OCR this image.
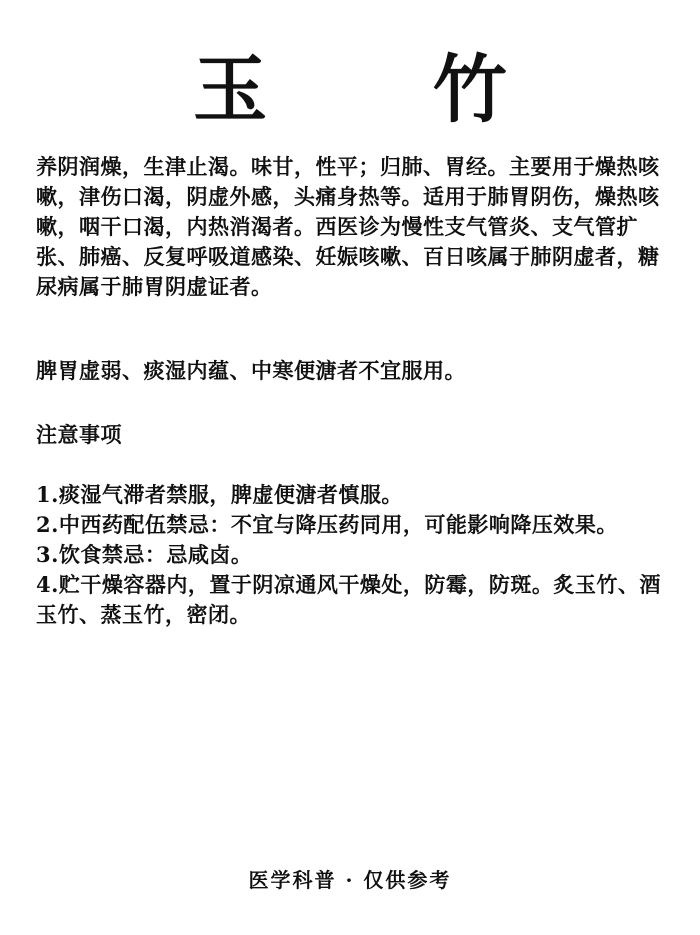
玉 竹

养阴润燥，生津止渴。味甘，性平；归肺、胃经。主要用于燥热咳嗽，津伤口渴，阴虚外感，头痛身热等。适用于肺胃阴伤，燥热咳嗽，咽干口渴，内热消渴者。西医诊为慢性支气管炎、支气管扩张、肺癌、反复呼吸道感染、妊娠咳嗽、百日咳属于肺阴虚者，糖尿病属于肺胃阴虚证者。

脾胃虚弱、痰湿内蕴、中寒便溏者不宜服用。

注意事项

1.痰湿气滞者禁服，脾虚便溏者慎服。
2.中西药配伍禁忌：不宜与降压药同用，可能影响降压效果。
3.饮食禁忌：忌咸卤。
4.贮干燥容器内，置于阴凉通风干燥处，防霉，防斑。炙玉竹、酒玉竹、蒸玉竹，密闭。

医学科普 · 仅供参考
